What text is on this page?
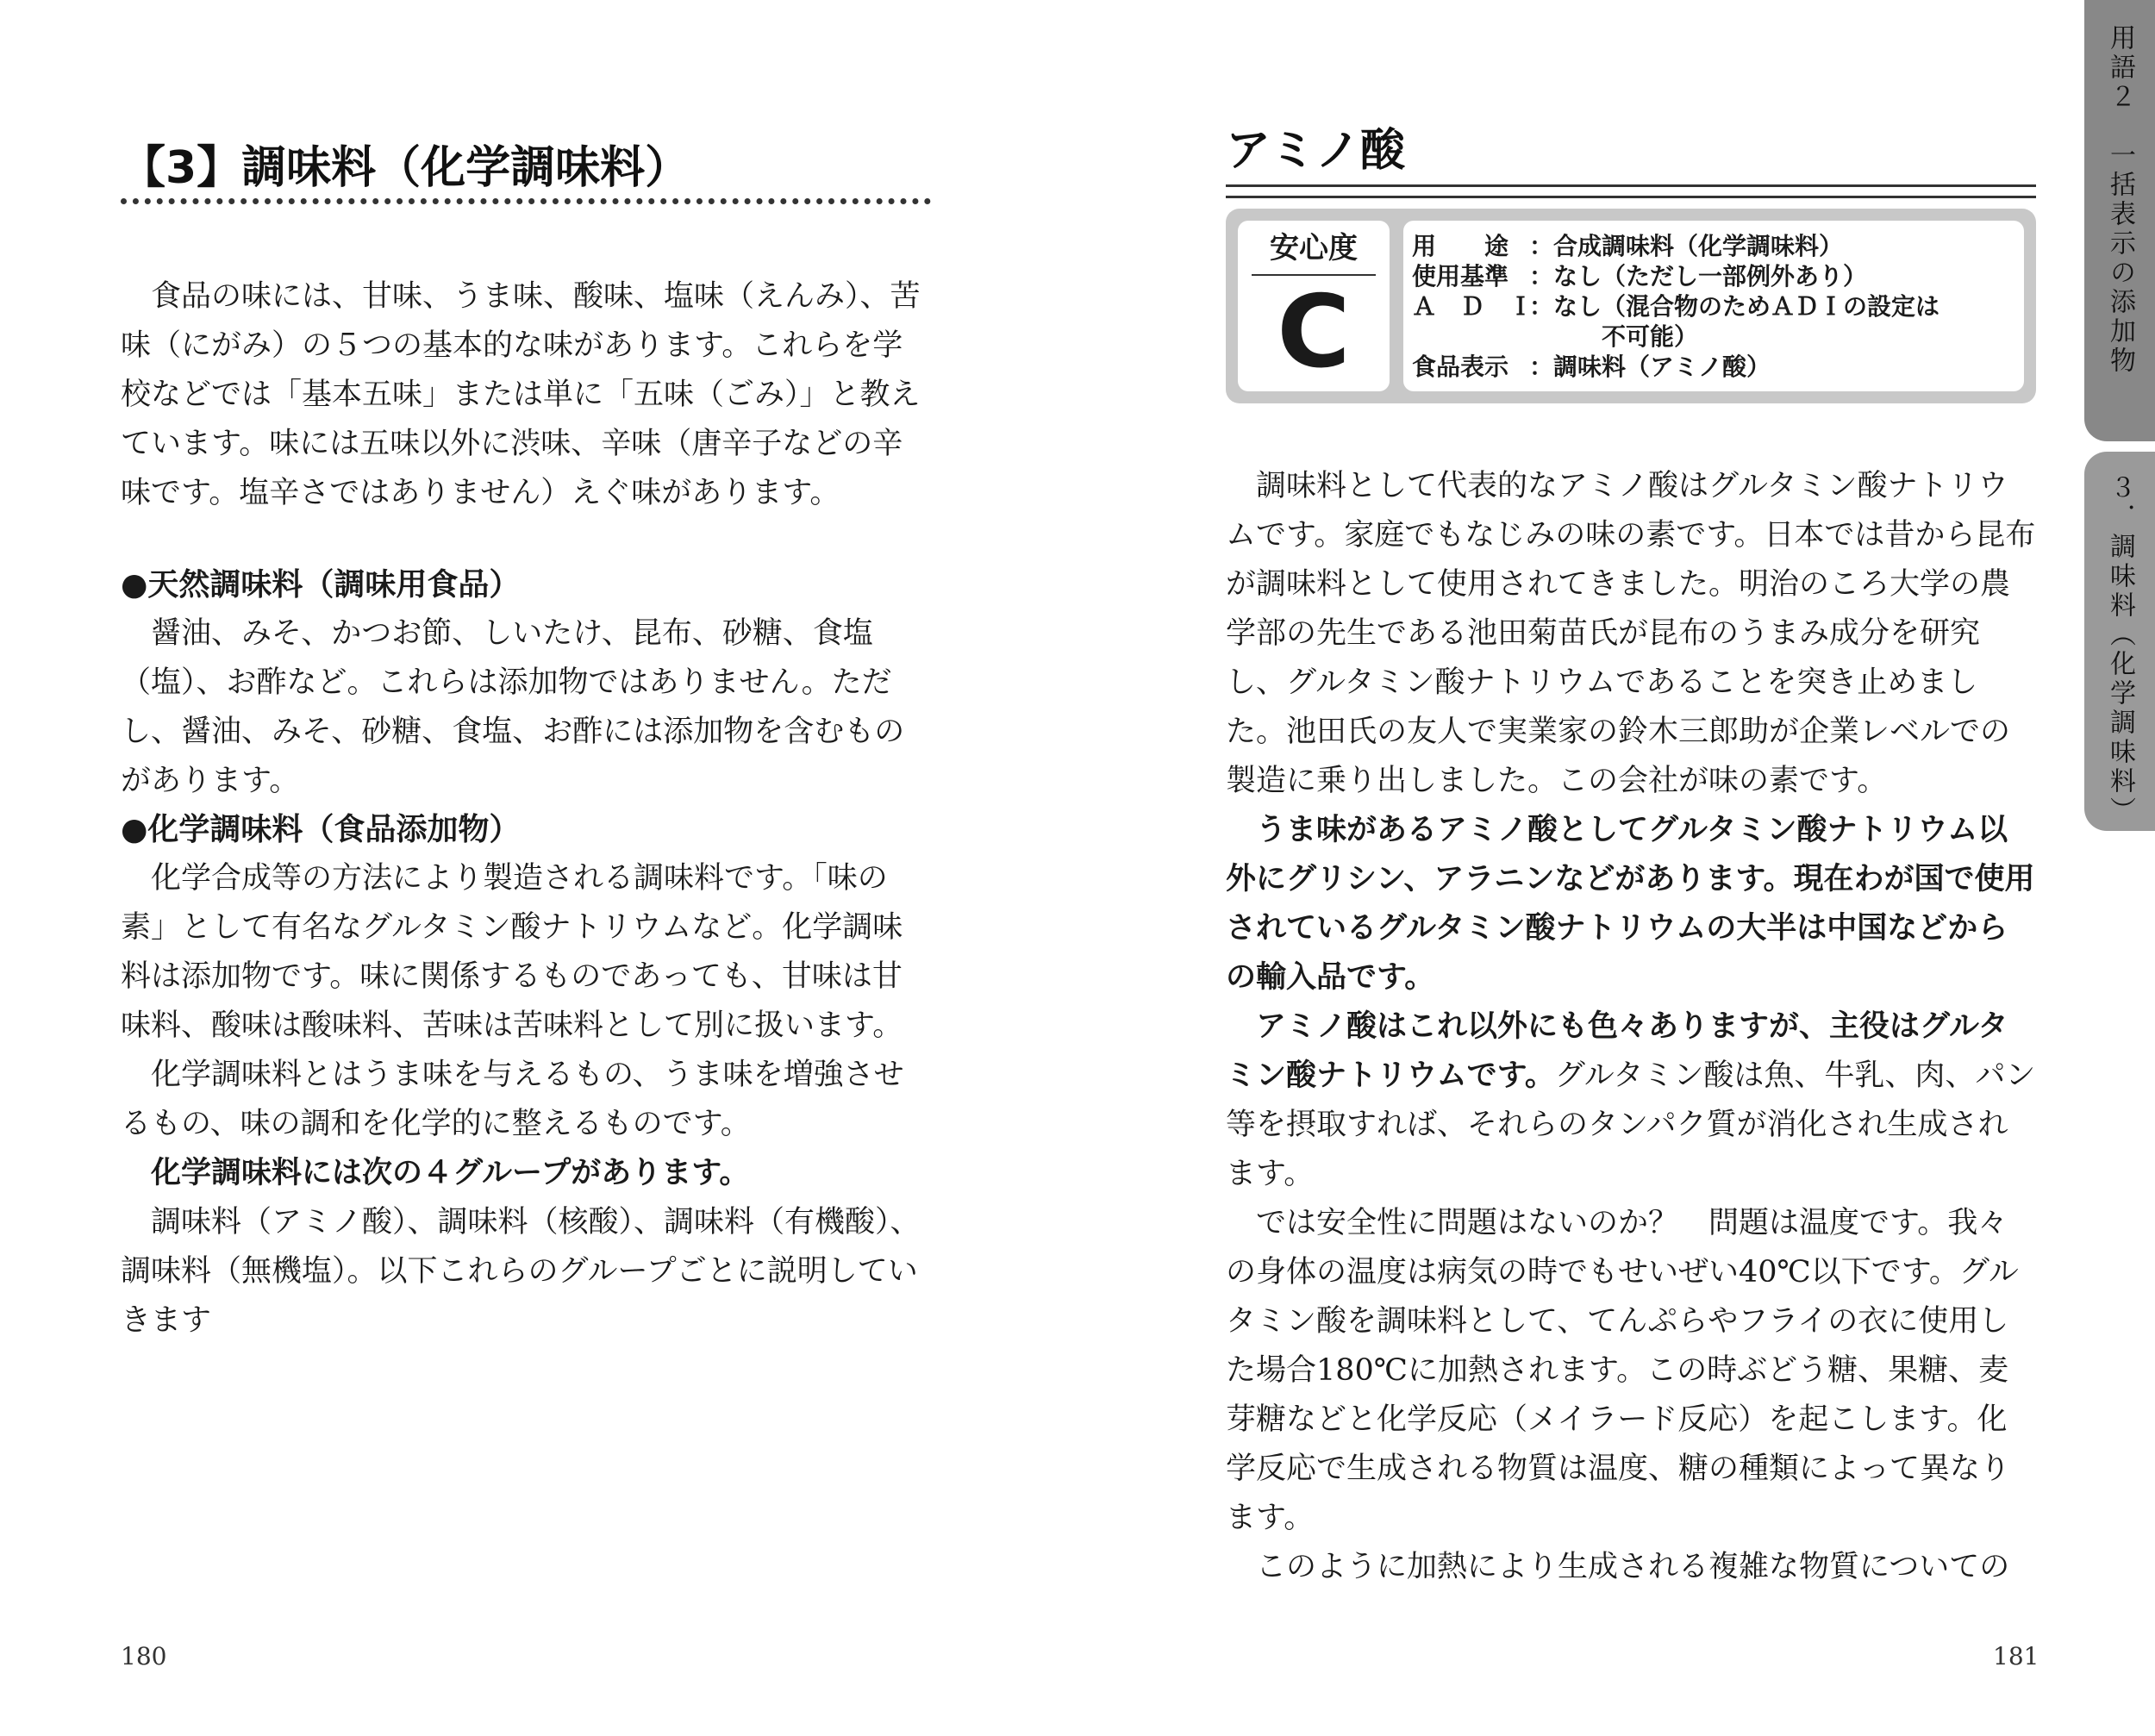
【3】調味料（化学調味料）

食品の味には、甘味、うま味、酸味、塩味（えんみ）、苦味（にがみ）の５つの基本的な味があります。これらを学校などでは「基本五味」または単に「五味（ごみ）」と教えています。味には五味以外に渋味、辛味（唐辛子などの辛味です。塩辛さではありません）えぐ味があります。

●天然調味料（調味用食品）

醤油、みそ、かつお節、しいたけ、昆布、砂糖、食塩（塩）、お酢など。これらは添加物ではありません。ただし、醤油、みそ、砂糖、食塩、お酢には添加物を含むものがあります。

●化学調味料（食品添加物）

化学合成等の方法により製造される調味料です。「味の素」として有名なグルタミン酸ナトリウムなど。化学調味料は添加物です。味に関係するものであっても、甘味は甘味料、酸味は酸味料、苦味は苦味料として別に扱います。

化学調味料とはうま味を与えるもの、うま味を増強させるもの、味の調和を化学的に整えるものです。

化学調味料には次の４グループがあります。

調味料（アミノ酸）、調味料（核酸）、調味料（有機酸）、調味料（無機塩）。以下これらのグループごとに説明していきます

180
アミノ酸
安心度
C
用　　途 ： 合成調味料（化学調味料）
使用基準 ： なし（ただし一部例外あり）
Ａ　Ｄ　Ｉ
： なし（混合物のためＡＤＩの設定は
不可能）
食品表示 ： 調味料（アミノ酸）

調味料として代表的なアミノ酸はグルタミン酸ナトリウムです。家庭でもなじみの味の素です。日本では昔から昆布が調味料として使用されてきました。明治のころ大学の農学部の先生である池田菊苗氏が昆布のうまみ成分を研究し、グルタミン酸ナトリウムであることを突き止めました。池田氏の友人で実業家の鈴木三郎助が企業レベルでの製造に乗り出しました。この会社が味の素です。

うま味があるアミノ酸としてグルタミン酸ナトリウム以外にグリシン、アラニンなどがあります。現在わが国で使用されているグルタミン酸ナトリウムの大半は中国などからの輸入品です。

アミノ酸はこれ以外にも色々ありますが、主役はグルタミン酸ナトリウムです。グルタミン酸は魚、牛乳、肉、パン等を摂取すれば、それらのタンパク質が消化され生成されます。

では安全性に問題はないのか？　問題は温度です。我々の身体の温度は病気の時でもせいぜい40℃以下です。グルタミン酸を調味料として、てんぷらやフライの衣に使用した場合180℃に加熱されます。この時ぶどう糖、果糖、麦芽糖などと化学反応（メイラード反応）を起こします。化学反応で生成される物質は温度、糖の種類によって異なります。

このように加熱により生成される複雑な物質についての

181
用語２　一括表示の添加物
３．調味料（化学調味料）
